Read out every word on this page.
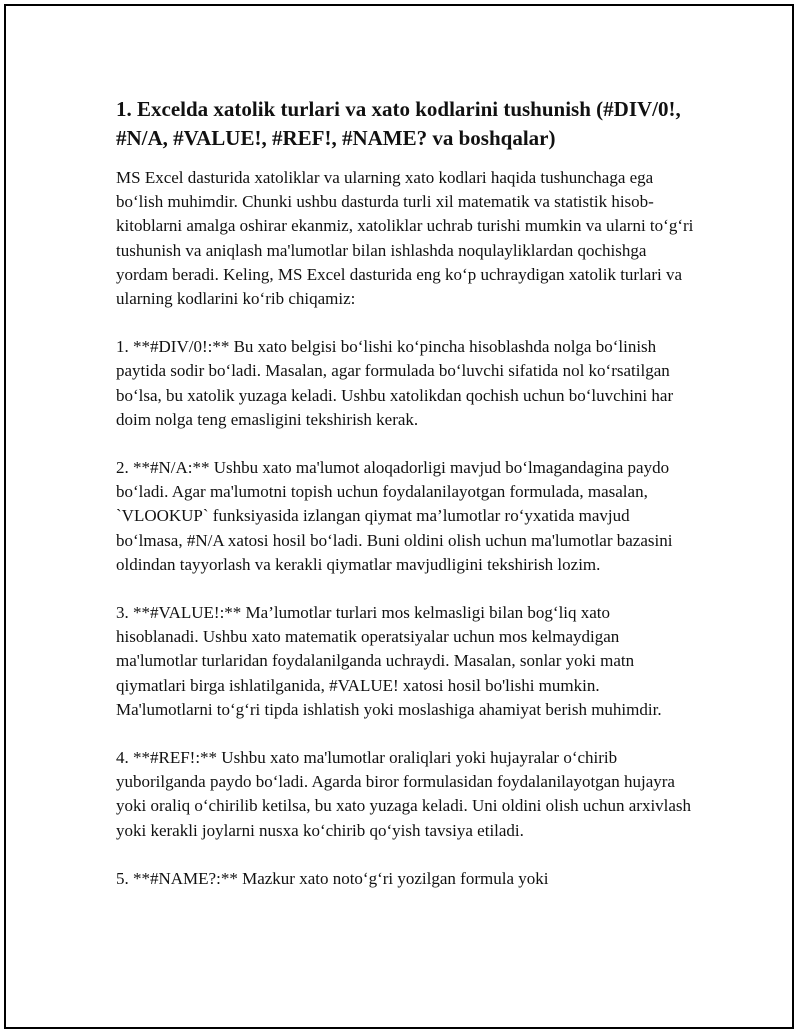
1. Excelda xatolik turlari va xato kodlarini tushunish (#DIV/0!, #N/A, #VALUE!, #REF!, #NAME? va boshqalar)

MS Excel dasturida xatoliklar va ularning xato kodlari haqida tushunchaga ega boʻlish muhimdir. Chunki ushbu dasturda turli xil matematik va statistik hisob-kitoblarni amalga oshirar ekanmiz, xatoliklar uchrab turishi mumkin va ularni toʻgʻri tushunish va aniqlash ma'lumotlar bilan ishlashda noqulayliklardan qochishga yordam beradi. Keling, MS Excel dasturida eng koʻp uchraydigan xatolik turlari va ularning kodlarini koʻrib chiqamiz:

1. **#DIV/0!:** Bu xato belgisi boʻlishi koʻpincha hisoblashda nolga boʻlinish paytida sodir boʻladi. Masalan, agar formulada boʻluvchi sifatida nol koʻrsatilgan boʻlsa, bu xatolik yuzaga keladi. Ushbu xatolikdan qochish uchun boʻluvchini har doim nolga teng emasligini tekshirish kerak.

2. **#N/A:** Ushbu xato ma'lumot aloqadorligi mavjud boʻlmagandagina paydo boʻladi. Agar ma'lumotni topish uchun foydalanilayotgan formulada, masalan, `VLOOKUP` funksiyasida izlangan qiymat ma’lumotlar roʻyxatida mavjud boʻlmasa, #N/A xatosi hosil boʻladi. Buni oldini olish uchun ma'lumotlar bazasini oldindan tayyorlash va kerakli qiymatlar mavjudligini tekshirish lozim.

3. **#VALUE!:** Ma’lumotlar turlari mos kelmasligi bilan bogʻliq xato hisoblanadi. Ushbu xato matematik operatsiyalar uchun mos kelmaydigan ma'lumotlar turlaridan foydalanilganda uchraydi. Masalan, sonlar yoki matn qiymatlari birga ishlatilganida, #VALUE! xatosi hosil bo'lishi mumkin. Ma'lumotlarni toʻgʻri tipda ishlatish yoki moslashiga ahamiyat berish muhimdir.

4. **#REF!:** Ushbu xato ma'lumotlar oraliqlari yoki hujayralar oʻchirib yuborilganda paydo boʻladi. Agarda biror formulasidan foydalanilayotgan hujayra yoki oraliq oʻchirilib ketilsa, bu xato yuzaga keladi. Uni oldini olish uchun arxivlash yoki kerakli joylarni nusxa koʻchirib qoʻyish tavsiya etiladi.

5. **#NAME?:** Mazkur xato notoʻgʻri yozilgan formula yoki
